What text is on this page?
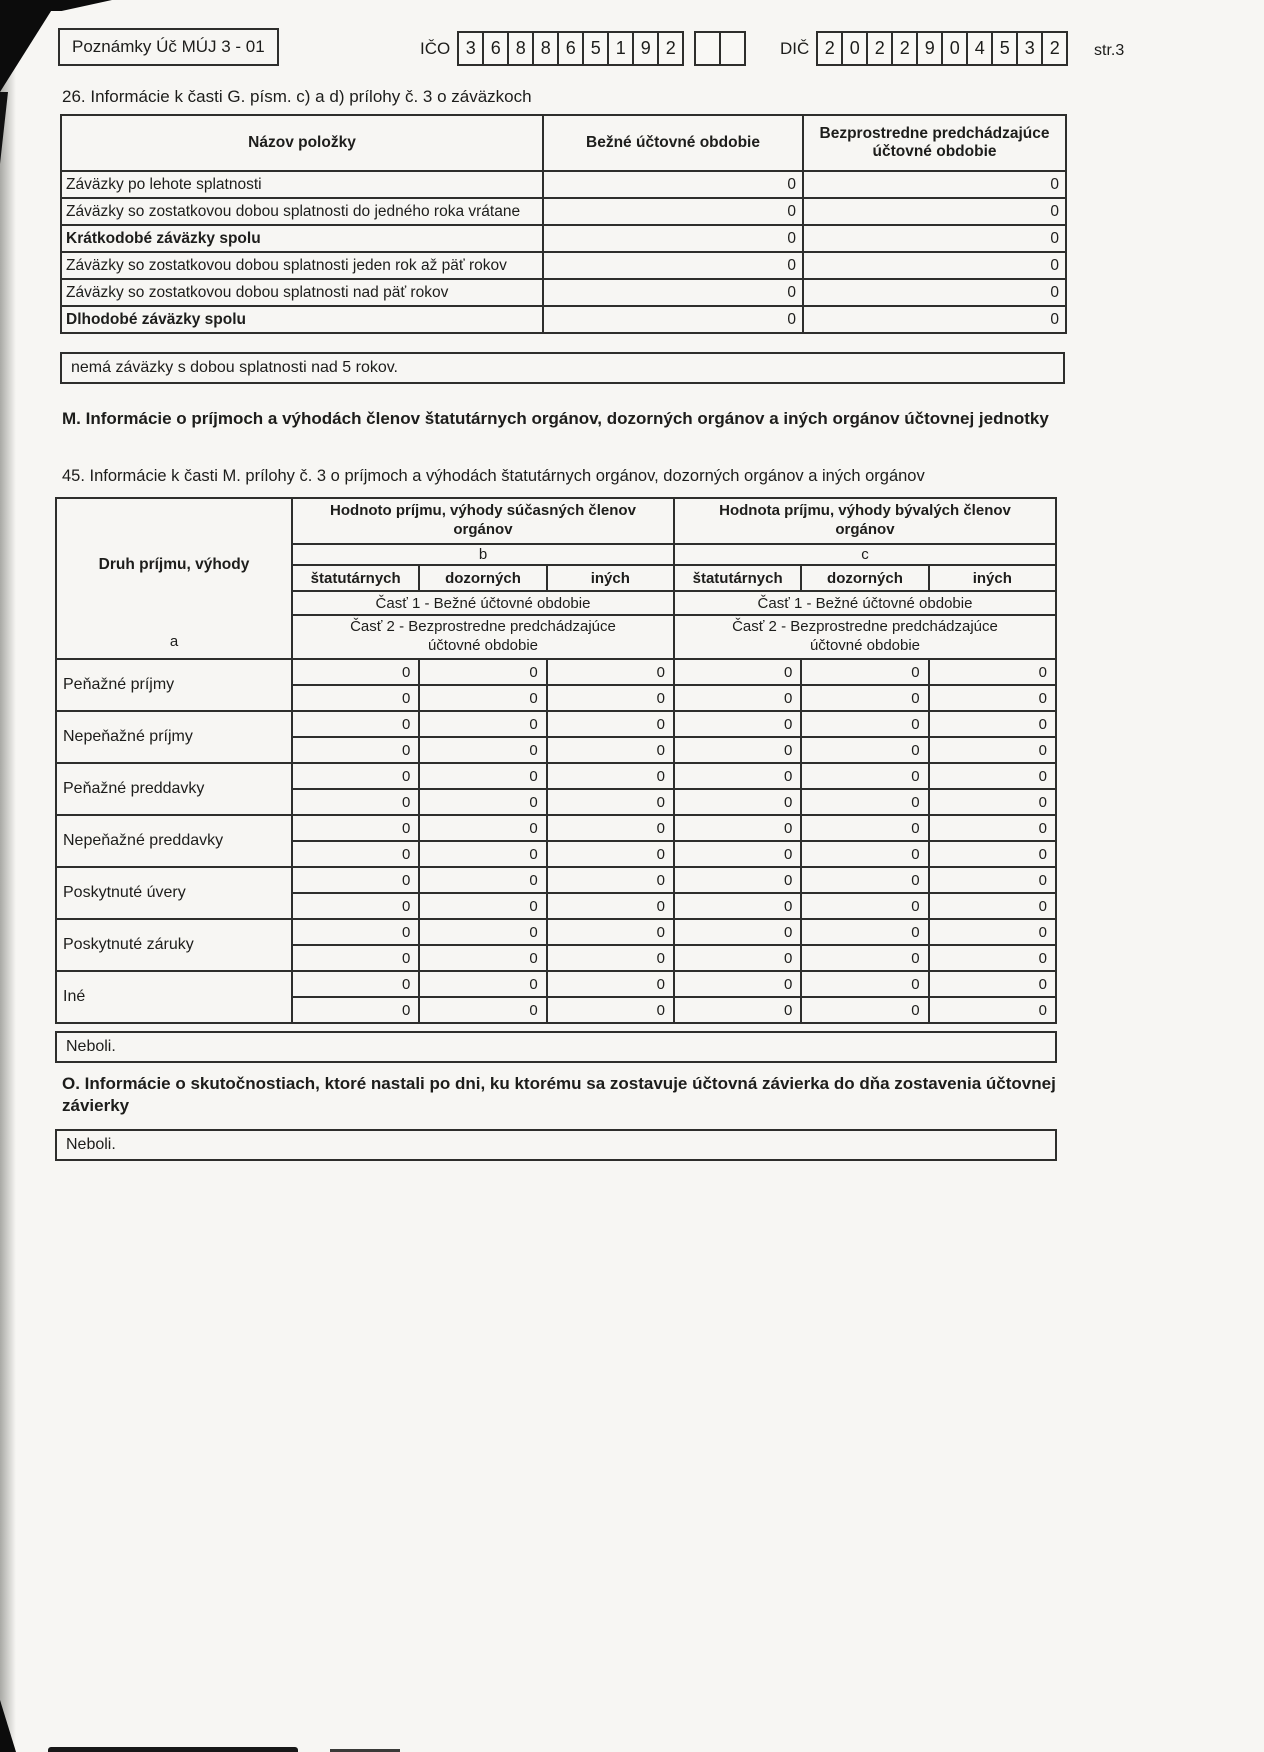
Poznámky Úč MÚJ 3 - 01	IČO 3 6 8 8 6 5 1 9 2	DIČ 2 0 2 2 9 0 4 5 3 2	str.3
26. Informácie k časti G. písm. c) a d) prílohy č. 3 o záväzkoch
Názov položky	Bežné účtovné obdobie	Bezprostredne predchádzajúce účtovné obdobie
Záväzky po lehote splatnosti	0	0
Záväzky so zostatkovou dobou splatnosti do jedného roka vrátane	0	0
Krátkodobé záväzky spolu	0	0
Záväzky so zostatkovou dobou splatnosti jeden rok až päť rokov	0	0
Záväzky so zostatkovou dobou splatnosti nad päť rokov	0	0
Dlhodobé záväzky spolu	0	0
nemá záväzky s dobou splatnosti nad 5 rokov.
M. Informácie o príjmoch a výhodách členov štatutárnych orgánov, dozorných orgánov a iných orgánov účtovnej jednotky
45. Informácie k časti M. prílohy č. 3 o príjmoch a výhodách štatutárnych orgánov, dozorných orgánov a iných orgánov
Druh príjmu, výhody
a	Hodnoto príjmu, výhody súčasných členov orgánov			Hodnota príjmu, výhody bývalých členov orgánov		
	b			c		
	štatutárnych	dozorných	iných	štatutárnych	dozorných	iných
	Časť 1 - Bežné účtovné obdobie			Časť 1 - Bežné účtovné obdobie		
	Časť 2 - Bezprostredne predchádzajúce účtovné obdobie			Časť 2 - Bezprostredne predchádzajúce účtovné obdobie		
Peňažné príjmy	0	0	0	0	0	0
	0	0	0	0	0	0
Nepeňažné príjmy	0	0	0	0	0	0
	0	0	0	0	0	0
Peňažné preddavky	0	0	0	0	0	0
	0	0	0	0	0	0
Nepeňažné preddavky	0	0	0	0	0	0
	0	0	0	0	0	0
Poskytnuté úvery	0	0	0	0	0	0
	0	0	0	0	0	0
Poskytnuté záruky	0	0	0	0	0	0
	0	0	0	0	0	0
Iné	0	0	0	0	0	0
	0	0	0	0	0	0
Neboli.
O. Informácie o skutočnostiach, ktoré nastali po dni, ku ktorému sa zostavuje účtovná závierka do dňa zostavenia účtovnej závierky
Neboli.
